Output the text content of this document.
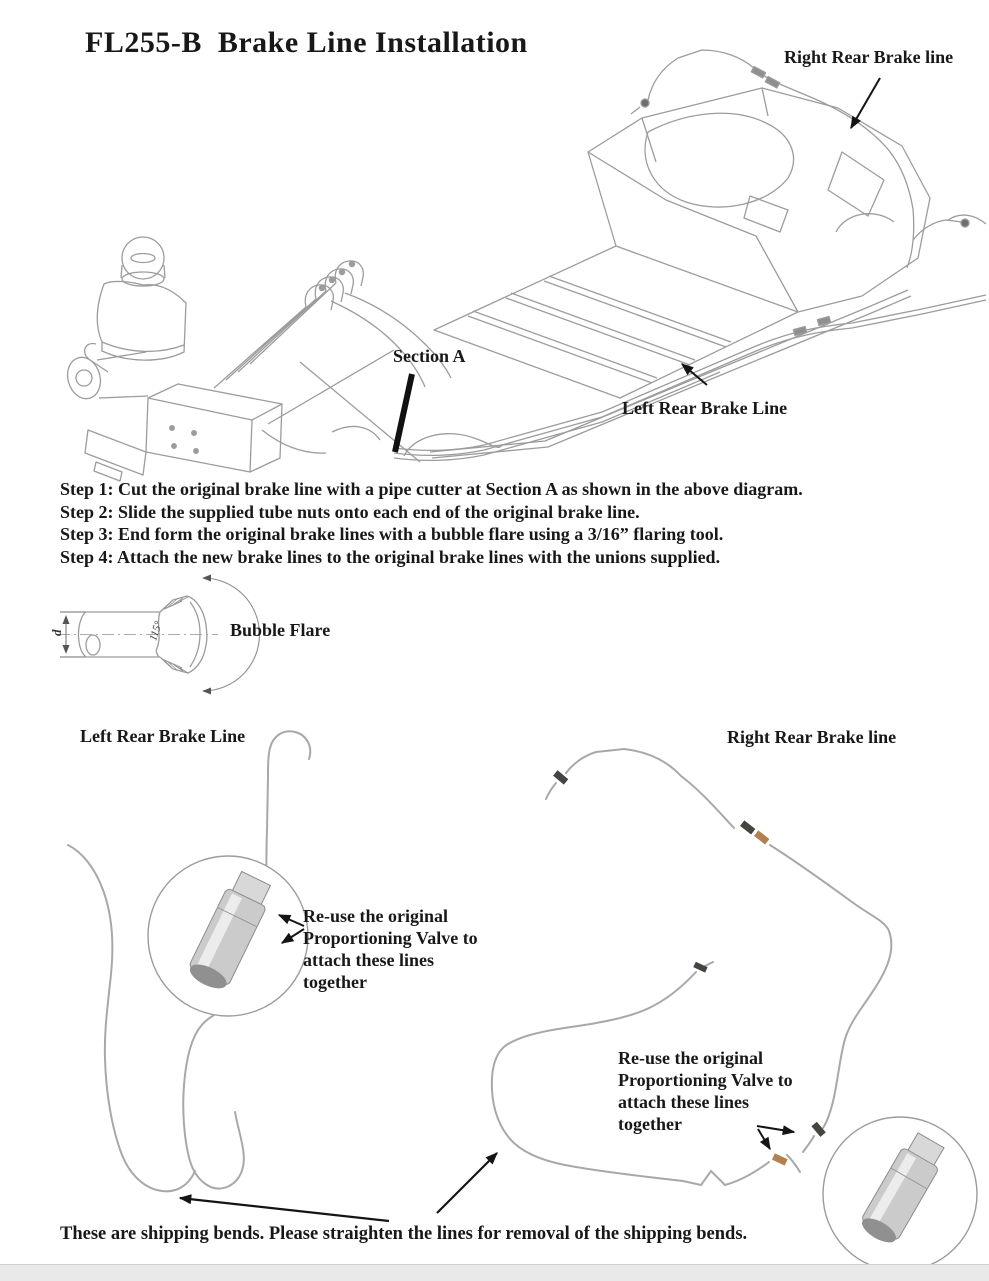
FL255-B  Brake Line Installation	Right Rear Brake line
Section A
Left Rear Brake Line
Step 1: Cut the original brake line with a pipe cutter at Section A as shown in the above diagram.
Step 2: Slide the supplied tube nuts onto each end of the original brake line.
Step 3: End form the original brake lines with a bubble flare using a 3/16” flaring tool.
Step 4: Attach the new brake lines to the original brake lines with the unions supplied.
d	115°	Bubble Flare
Left Rear Brake Line	Right Rear Brake line
Re-use the original Proportioning Valve to attach these lines together
Re-use the original Proportioning Valve to attach these lines together
These are shipping bends. Please straighten the lines for removal of the shipping bends.
